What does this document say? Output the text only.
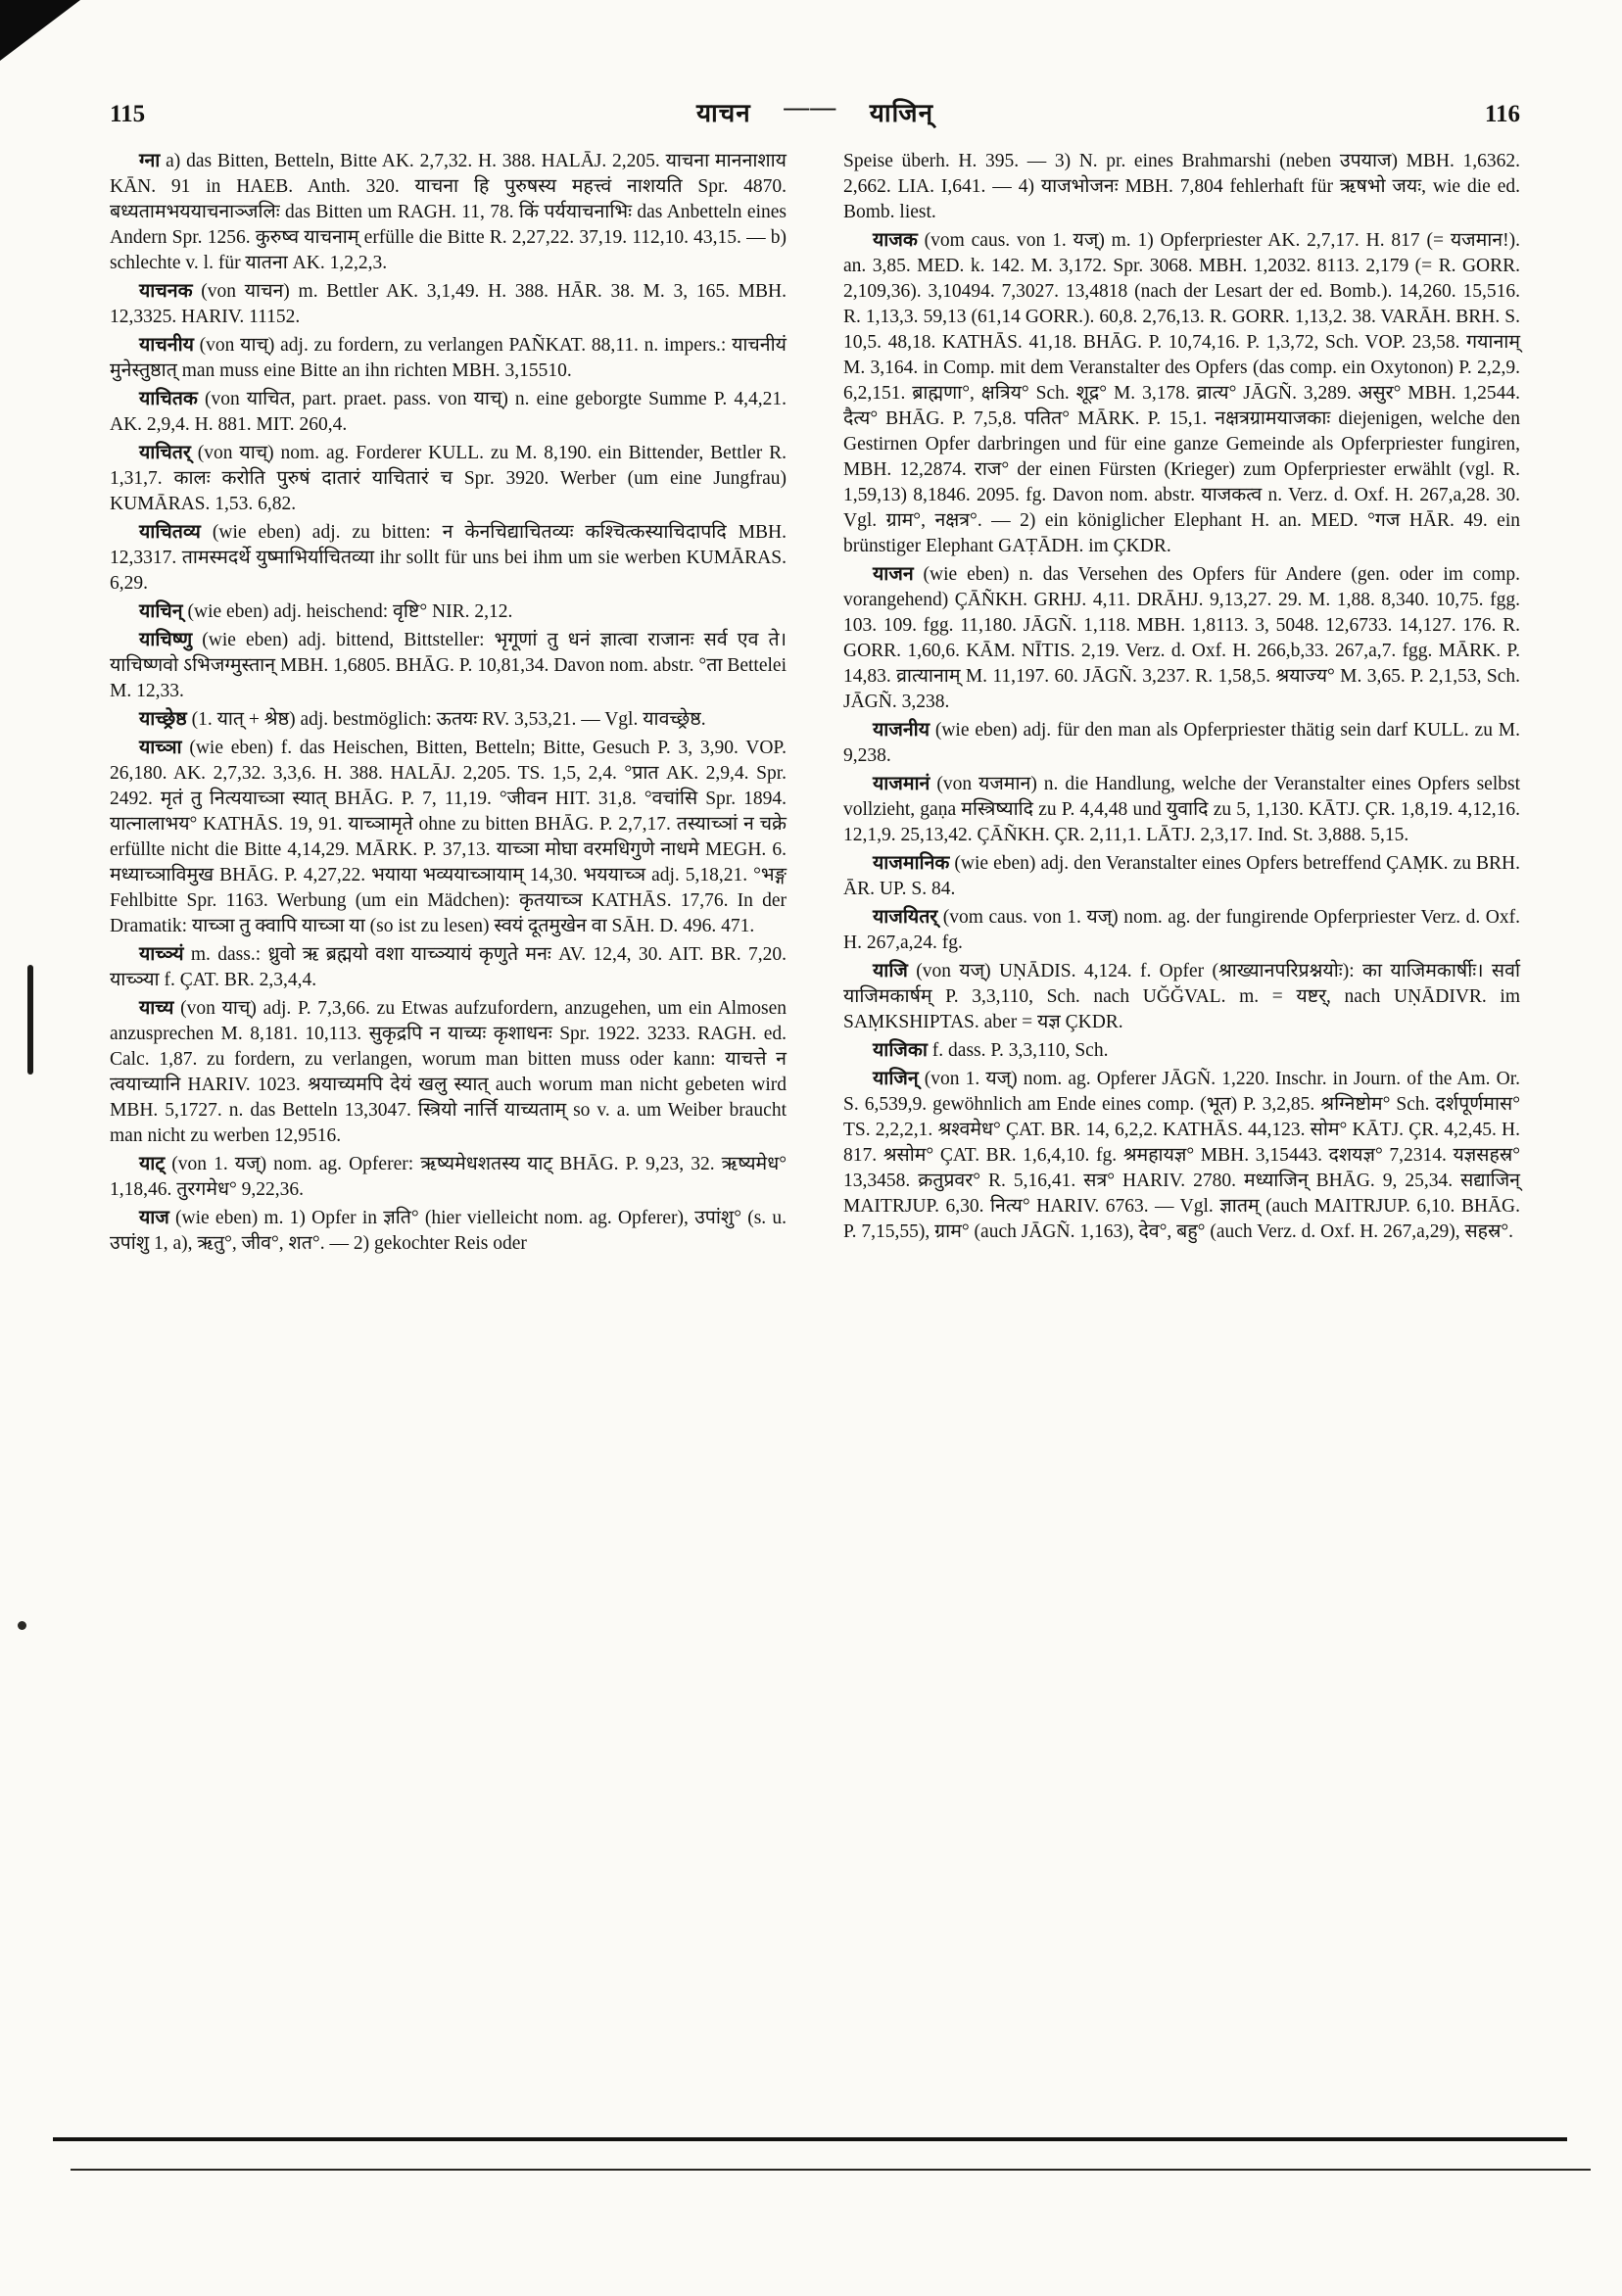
115	याचन —— याजिन्	116

ग्ना a) das Bitten, Betteln, Bitte AK. 2,7,32. H. 388. HALĀJ. 2,205. याचना माननाशाय KĀN. 91 in HAEB. Anth. 320. याचना हि पुरुषस्य महत्त्वं नाशयति Spr. 4870. बध्यतामभययाचनाञ्जलिः das Bitten um RAGH. 11, 78. किं पर्ययाचनाभिः das Anbetteln eines Andern Spr. 1256. कुरुष्व याचनाम् erfülle die Bitte R. 2,27,22. 37,19. 112,10. 43,15. — b) schlechte v. l. für यातना AK. 1,2,2,3.

याचनक (von याचन) m. Bettler AK. 3,1,49. H. 388. HĀR. 38. M. 3, 165. MBH. 12,3325. HARIV. 11152.

याचनीय (von याच्) adj. zu fordern, zu verlangen PAÑKAT. 88,11. n. impers.: याचनीयं मुनेस्तुष्ठात् man muss eine Bitte an ihn richten MBH. 3,15510.

याचितक (von याचित, part. praet. pass. von याच्) n. eine geborgte Summe P. 4,4,21. AK. 2,9,4. H. 881. MIT. 260,4.

याचितर् (von याच्) nom. ag. Forderer KULL. zu M. 8,190. ein Bittender, Bettler R. 1,31,7. कालः करोति पुरुषं दातारं याचितारं च Spr. 3920. Werber (um eine Jungfrau) KUMĀRAS. 1,53. 6,82.

याचितव्य (wie eben) adj. zu bitten: न केनचिद्याचितव्यः कश्चित्कस्याचिदापदि MBH. 12,3317. तामस्मदर्थे युष्माभिर्याचितव्या ihr sollt für uns bei ihm um sie werben KUMĀRAS. 6,29.

याचिन् (wie eben) adj. heischend: वृष्टि° NIR. 2,12.

याचिष्णु (wie eben) adj. bittend, Bittsteller: भृगूणां तु धनं ज्ञात्वा राजानः सर्व एव ते। याचिष्णवो ऽभिजग्मुस्तान् MBH. 1,6805. BHĀG. P. 10,81,34. Davon nom. abstr. °ता Bettelei M. 12,33.

याच्छ्रेष्ठ (1. यात् + श्रेष्ठ) adj. bestmöglich: ऊतयः RV. 3,53,21. — Vgl. यावच्छ्रेष्ठ.

याच्ञा (wie eben) f. das Heischen, Bitten, Betteln; Bitte, Gesuch P. 3, 3,90. VOP. 26,180. AK. 2,7,32. 3,3,6. H. 388. HALĀJ. 2,205. TS. 1,5, 2,4. °प्रात AK. 2,9,4. Spr. 2492. मृतं तु नित्ययाच्ञा स्यात् BHĀG. P. 7, 11,19. °जीवन HIT. 31,8. °वचांसि Spr. 1894. यात्नालाभय° KATHĀS. 19, 91. याच्ञामृते ohne zu bitten BHĀG. P. 2,7,17. तस्याच्ञां न चक्रे erfüllte nicht die Bitte 4,14,29. MĀRK. P. 37,13. याच्ञा मोघा वरमधिगुणे नाधमे MEGH. 6. मध्याच्ञाविमुख BHĀG. P. 4,27,22. भयाया भव्ययाच्ञायाम् 14,30. भययाच्ञ adj. 5,18,21. °भङ्ग Fehlbitte Spr. 1163. Werbung (um ein Mädchen): कृतयाच्ञ KATHĀS. 17,76. In der Dramatik: याच्ञा तु क्वापि याच्ञा या (so ist zu lesen) स्वयं दूतमुखेन वा SĀH. D. 496. 471.

याच्ञ्यं m. dass.: ध्रुवो ऋ ब्रह्मयो वशा याच्ञ्यायं कृणुते मनः AV. 12,4, 30. AIT. BR. 7,20. याच्ञ्या f. ÇAT. BR. 2,3,4,4.

याच्य (von याच्) adj. P. 7,3,66. zu Etwas aufzufordern, anzugehen, um ein Almosen anzusprechen M. 8,181. 10,113. सुकृद्रपि न याच्यः कृशाधनः Spr. 1922. 3233. RAGH. ed. Calc. 1,87. zu fordern, zu verlangen, worum man bitten muss oder kann: याचत्ते न त्वयाच्यानि HARIV. 1023. श्रयाच्यमपि देयं खलु स्यात् auch worum man nicht gebeten wird MBH. 5,1727. n. das Betteln 13,3047. स्त्रियो नार्त्ति याच्यताम् so v. a. um Weiber braucht man nicht zu werben 12,9516.

याट् (von 1. यज्) nom. ag. Opferer: ऋष्यमेधशतस्य याट् BHĀG. P. 9,23, 32. ऋष्यमेध° 1,18,46. तुरगमेध° 9,22,36.

याज (wie eben) m. 1) Opfer in ज्ञति° (hier vielleicht nom. ag. Opferer), उपांशु° (s. u. उपांशु 1, a), ऋतु°, जीव°, शत°. — 2) gekochter Reis oder

Speise überh. H. 395. — 3) N. pr. eines Brahmarshi (neben उपयाज) MBH. 1,6362. 2,662. LIA. I,641. — 4) याजभोजनः MBH. 7,804 fehlerhaft für ऋषभो जयः, wie die ed. Bomb. liest.

याजक (vom caus. von 1. यज्) m. 1) Opferpriester AK. 2,7,17. H. 817 (= यजमान!). an. 3,85. MED. k. 142. M. 3,172. Spr. 3068. MBH. 1,2032. 8113. 2,179 (= R. GORR. 2,109,36). 3,10494. 7,3027. 13,4818 (nach der Lesart der ed. Bomb.). 14,260. 15,516. R. 1,13,3. 59,13 (61,14 GORR.). 60,8. 2,76,13. R. GORR. 1,13,2. 38. VARĀH. BRH. S. 10,5. 48,18. KATHĀS. 41,18. BHĀG. P. 10,74,16. P. 1,3,72, Sch. VOP. 23,58. गयानाम् M. 3,164. in Comp. mit dem Veranstalter des Opfers (das comp. ein Oxytonon) P. 2,2,9. 6,2,151. ब्राह्मणा°, क्षत्रिय° Sch. शूद्र° M. 3,178. व्रात्य° JĀGÑ. 3,289. असुर° MBH. 1,2544. दैत्य° BHĀG. P. 7,5,8. पतित° MĀRK. P. 15,1. नक्षत्रग्रामयाजकाः diejenigen, welche den Gestirnen Opfer darbringen und für eine ganze Gemeinde als Opferpriester fungiren, MBH. 12,2874. राज° der einen Fürsten (Krieger) zum Opferpriester erwählt (vgl. R. 1,59,13) 8,1846. 2095. fg. Davon nom. abstr. याजकत्व n. Verz. d. Oxf. H. 267,a,28. 30. Vgl. ग्राम°, नक्षत्र°. — 2) ein königlicher Elephant H. an. MED. °गज HĀR. 49. ein brünstiger Elephant GAṬĀDH. im ÇKDR.

याजन (wie eben) n. das Versehen des Opfers für Andere (gen. oder im comp. vorangehend) ÇĀÑKH. GRHJ. 4,11. DRĀHJ. 9,13,27. 29. M. 1,88. 8,340. 10,75. fgg. 103. 109. fgg. 11,180. JĀGÑ. 1,118. MBH. 1,8113. 3, 5048. 12,6733. 14,127. 176. R. GORR. 1,60,6. KĀM. NĪTIS. 2,19. Verz. d. Oxf. H. 266,b,33. 267,a,7. fgg. MĀRK. P. 14,83. व्रात्यानाम् M. 11,197. 60. JĀGÑ. 3,237. R. 1,58,5. श्रयाज्य° M. 3,65. P. 2,1,53, Sch. JĀGÑ. 3,238.

याजनीय (wie eben) adj. für den man als Opferpriester thätig sein darf KULL. zu M. 9,238.

याजमानं (von यजमान) n. die Handlung, welche der Veranstalter eines Opfers selbst vollzieht, gaṇa मस्त्रिष्यादि zu P. 4,4,48 und युवादि zu 5, 1,130. KĀTJ. ÇR. 1,8,19. 4,12,16. 12,1,9. 25,13,42. ÇĀÑKH. ÇR. 2,11,1. LĀTJ. 2,3,17. Ind. St. 3,888. 5,15.

याजमानिक (wie eben) adj. den Veranstalter eines Opfers betreffend ÇAṂK. zu BRH. ĀR. UP. S. 84.

याजयितर् (vom caus. von 1. यज्) nom. ag. der fungirende Opferpriester Verz. d. Oxf. H. 267,a,24. fg.

याजि (von यज्) UṆĀDIS. 4,124. f. Opfer (श्राख्यानपरिप्रश्नयोः): का याजिमकार्षीः। सर्वा याजिमकार्षम् P. 3,3,110, Sch. nach UĞĞVAL. m. = यष्टर्, nach UṆĀDIVR. im SAṂKSHIPTAS. aber = यज्ञ ÇKDR.

याजिका f. dass. P. 3,3,110, Sch.

याजिन् (von 1. यज्) nom. ag. Opferer JĀGÑ. 1,220. Inschr. in Journ. of the Am. Or. S. 6,539,9. gewöhnlich am Ende eines comp. (भूत) P. 3,2,85. श्रग्निष्टोम° Sch. दर्शपूर्णमास° TS. 2,2,2,1. श्रश्वमेध° ÇAT. BR. 14, 6,2,2. KATHĀS. 44,123. सोम° KĀTJ. ÇR. 4,2,45. H. 817. श्रसोम° ÇAT. BR. 1,6,4,10. fg. श्रमहायज्ञ° MBH. 3,15443. दशयज्ञ° 7,2314. यज्ञसहस्र° 13,3458. क्रतुप्रवर° R. 5,16,41. सत्र° HARIV. 2780. मध्याजिन् BHĀG. 9, 25,34. सद्याजिन् MAITRJUP. 6,30. नित्य° HARIV. 6763. — Vgl. ज्ञातम् (auch MAITRJUP. 6,10. BHĀG. P. 7,15,55), ग्राम° (auch JĀGÑ. 1,163), देव°, बहु° (auch Verz. d. Oxf. H. 267,a,29), सहस्र°.
